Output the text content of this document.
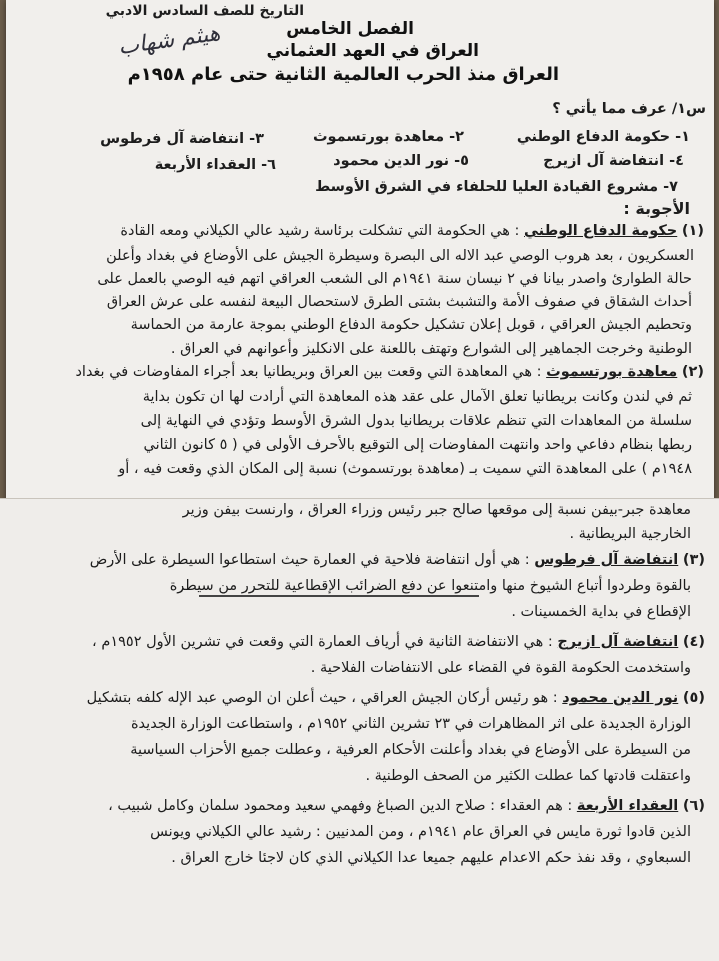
التاريخ للصف السادس الادبي
الفصل الخامس
هيثم شهاب	العراق في العهد العثماني
العراق منذ الحرب العالمية الثانية حتى عام ١٩٥٨م
س١/ عرف مما يأتي ؟
١- حكومة الدفاع الوطني
٢- معاهدة بورتسموث
٣- انتفاضة آل فرطوس
٤- انتفاضة آل ازيرج
٥- نور الدين محمود
٦- العقداء الأربعة
٧- مشروع القيادة العليا للحلفاء في الشرق الأوسط
الأجوبة :
(١) حكومة الدفاع الوطني : هي الحكومة التي تشكلت برئاسة رشيد عالي الكيلاني ومعه القادة
العسكريون ، بعد هروب الوصي عبد الاله الى البصرة وسيطرة الجيش على الأوضاع في بغداد وأعلن
حالة الطوارئ واصدر بيانا في ٢ نيسان سنة ١٩٤١م الى الشعب العراقي اتهم فيه الوصي بالعمل على
أحداث الشقاق في صفوف الأمة والتشبث بشتى الطرق لاستحصال البيعة لنفسه على عرش العراق
وتحطيم الجيش العراقي ، قوبل إعلان تشكيل حكومة الدفاع الوطني بموجة عارمة من الحماسة
الوطنية وخرجت الجماهير إلى الشوارع وتهتف باللعنة على الانكليز وأعوانهم في العراق .
(٢) معاهدة بورتسموث : هي المعاهدة التي وقعت بين العراق وبريطانيا بعد أجراء المفاوضات في بغداد
ثم في لندن وكانت بريطانيا تعلق الآمال على عقد هذه المعاهدة التي أرادت لها ان تكون بداية
سلسلة من المعاهدات التي تنظم علاقات بريطانيا بدول الشرق الأوسط وتؤدي في النهاية إلى
ربطها بنظام دفاعي واحد وانتهت المفاوضات إلى التوقيع بالأحرف الأولى في ( ٥ كانون الثاني
١٩٤٨م ) على المعاهدة التي سميت بـ (معاهدة بورتسموث) نسبة إلى المكان الذي وقعت فيه ، أو
معاهدة جبر-بيفن نسبة إلى موقعها صالح جبر رئيس وزراء العراق ، وارنست بيفن وزير
الخارجية البريطانية .
(٣) انتفاضة آل فرطوس : هي أول انتفاضة فلاحية في العمارة حيث استطاعوا السيطرة على الأرض
بالقوة وطردوا أتباع الشيوخ منها وامتنعوا عن دفع الضرائب الإقطاعية للتحرر من سيطرة
الإقطاع في بداية الخمسينات .
(٤) انتفاضة آل ازيرج : هي الانتفاضة الثانية في أرياف العمارة التي وقعت في تشرين الأول ١٩٥٢م ،
واستخدمت الحكومة القوة في القضاء على الانتفاضات الفلاحية .
(٥) نور الدين محمود : هو رئيس أركان الجيش العراقي ، حيث أعلن ان الوصي عبد الإله كلفه بتشكيل
الوزارة الجديدة على اثر المظاهرات في ٢٣ تشرين الثاني ١٩٥٢م ، واستطاعت الوزارة الجديدة
من السيطرة على الأوضاع في بغداد وأعلنت الأحكام العرفية ، وعطلت جميع الأحزاب السياسية
واعتقلت قادتها كما عطلت الكثير من الصحف الوطنية .
(٦) العقداء الأربعة : هم العقداء : صلاح الدين الصباغ وفهمي سعيد ومحمود سلمان وكامل شبيب ،
الذين قادوا ثورة مايس في العراق عام ١٩٤١م ، ومن المدنيين : رشيد عالي الكيلاني ويونس
السبعاوي ، وقد نفذ حكم الاعدام عليهم جميعا عدا الكيلاني الذي كان لاجئا خارج العراق .
